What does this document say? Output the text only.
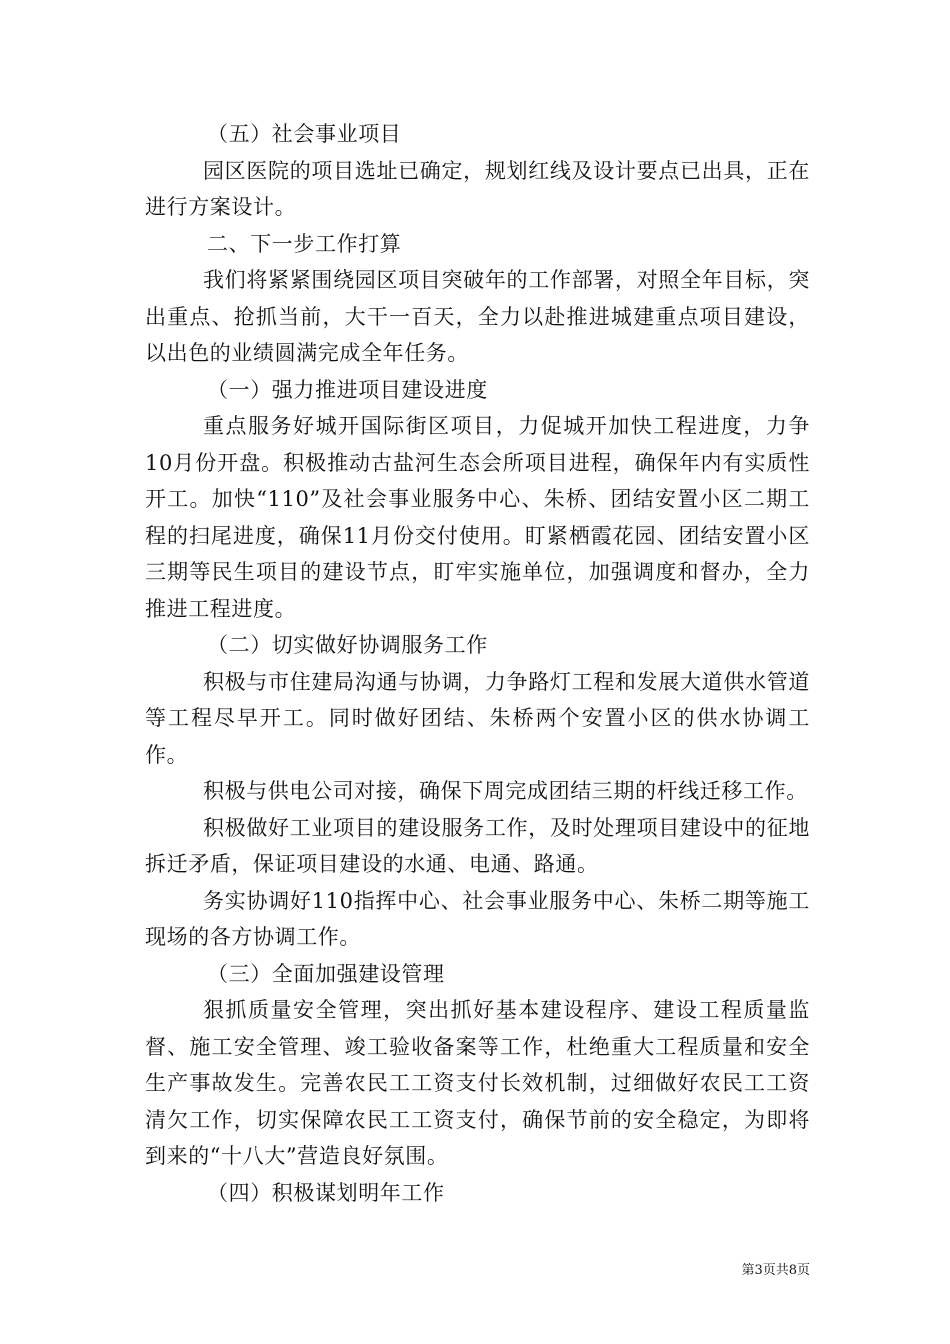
（五）社会事业项目

园区医院的项目选址已确定，规划红线及设计要点已出具，正在进行方案设计。

二、下一步工作打算

我们将紧紧围绕园区项目突破年的工作部署，对照全年目标，突出重点、抢抓当前，大干一百天，全力以赴推进城建重点项目建设，以出色的业绩圆满完成全年任务。

（一）强力推进项目建设进度

重点服务好城开国际街区项目，力促城开加快工程进度，力争10月份开盘。积极推动古盐河生态会所项目进程，确保年内有实质性开工。加快“110”及社会事业服务中心、朱桥、团结安置小区二期工程的扫尾进度，确保11月份交付使用。盯紧栖霞花园、团结安置小区三期等民生项目的建设节点，盯牢实施单位，加强调度和督办，全力推进工程进度。

（二）切实做好协调服务工作

积极与市住建局沟通与协调，力争路灯工程和发展大道供水管道等工程尽早开工。同时做好团结、朱桥两个安置小区的供水协调工作。

积极与供电公司对接，确保下周完成团结三期的杆线迁移工作。

积极做好工业项目的建设服务工作，及时处理项目建设中的征地拆迁矛盾，保证项目建设的水通、电通、路通。

务实协调好110指挥中心、社会事业服务中心、朱桥二期等施工现场的各方协调工作。

（三）全面加强建设管理

狠抓质量安全管理，突出抓好基本建设程序、建设工程质量监督、施工安全管理、竣工验收备案等工作，杜绝重大工程质量和安全生产事故发生。完善农民工工资支付长效机制，过细做好农民工工资清欠工作，切实保障农民工工资支付，确保节前的安全稳定，为即将到来的“十八大”营造良好氛围。

（四）积极谋划明年工作

第3页共8页
